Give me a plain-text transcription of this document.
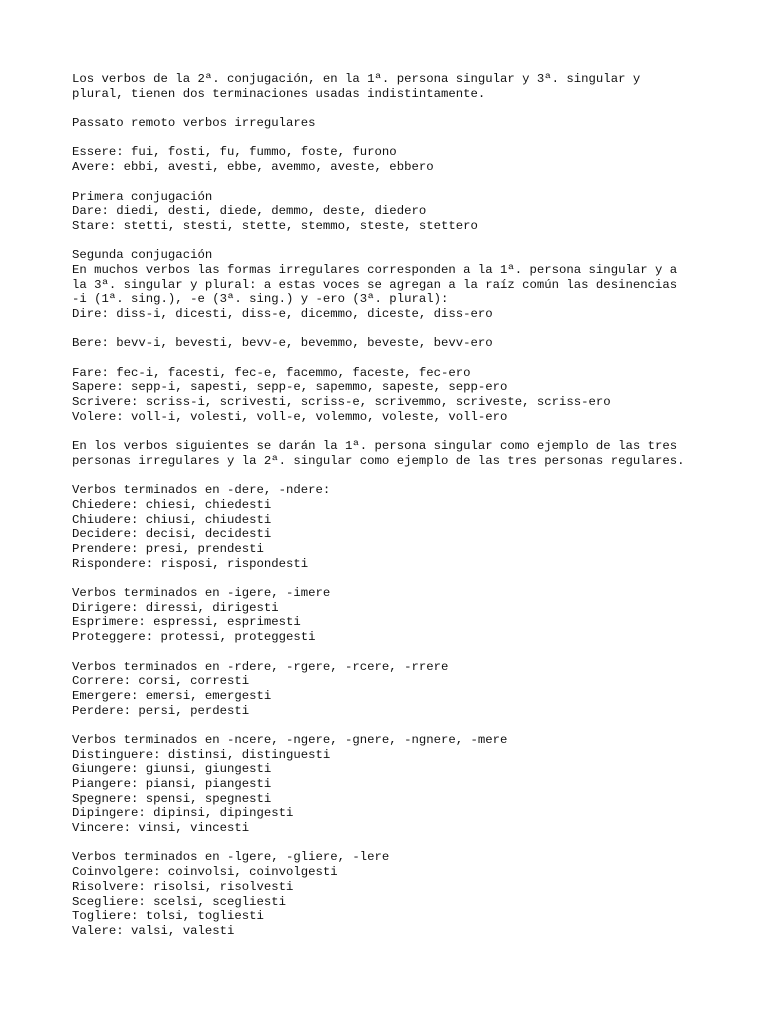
Los verbos de la 2ª. conjugación, en la 1ª. persona singular y 3ª. singular y
plural, tienen dos terminaciones usadas indistintamente.
Passato remoto verbos irregulares
Essere: fui, fosti, fu, fummo, foste, furono
Avere: ebbi, avesti, ebbe, avemmo, aveste, ebbero
Primera conjugación
Dare: diedi, desti, diede, demmo, deste, diedero
Stare: stetti, stesti, stette, stemmo, steste, stettero
Segunda conjugación
En muchos verbos las formas irregulares corresponden a la 1ª. persona singular y a
la 3ª. singular y plural: a estas voces se agregan a la raíz común las desinencias
-i (1ª. sing.), -e (3ª. sing.) y -ero (3ª. plural):
Dire: diss-i, dicesti, diss-e, dicemmo, diceste, diss-ero
Bere: bevv-i, bevesti, bevv-e, bevemmo, beveste, bevv-ero
Fare: fec-i, facesti, fec-e, facemmo, faceste, fec-ero
Sapere: sepp-i, sapesti, sepp-e, sapemmo, sapeste, sepp-ero
Scrivere: scriss-i, scrivesti, scriss-e, scrivemmo, scriveste, scriss-ero
Volere: voll-i, volesti, voll-e, volemmo, voleste, voll-ero
En los verbos siguientes se darán la 1ª. persona singular como ejemplo de las tres
personas irregulares y la 2ª. singular como ejemplo de las tres personas regulares.
Verbos terminados en -dere, -ndere:
Chiedere: chiesi, chiedesti
Chiudere: chiusi, chiudesti
Decidere: decisi, decidesti
Prendere: presi, prendesti
Rispondere: risposi, rispondesti
Verbos terminados en -igere, -imere
Dirigere: diressi, dirigesti
Esprimere: espressi, esprimesti
Proteggere: protessi, proteggesti
Verbos terminados en -rdere, -rgere, -rcere, -rrere
Correre: corsi, corresti
Emergere: emersi, emergesti
Perdere: persi, perdesti
Verbos terminados en -ncere, -ngere, -gnere, -ngnere, -mere
Distinguere: distinsi, distinguesti
Giungere: giunsi, giungesti
Piangere: piansi, piangesti
Spegnere: spensi, spegnesti
Dipingere: dipinsi, dipingesti
Vincere: vinsi, vincesti
Verbos terminados en -lgere, -gliere, -lere
Coinvolgere: coinvolsi, coinvolgesti
Risolvere: risolsi, risolvesti
Scegliere: scelsi, scegliesti
Togliere: tolsi, togliesti
Valere: valsi, valesti
